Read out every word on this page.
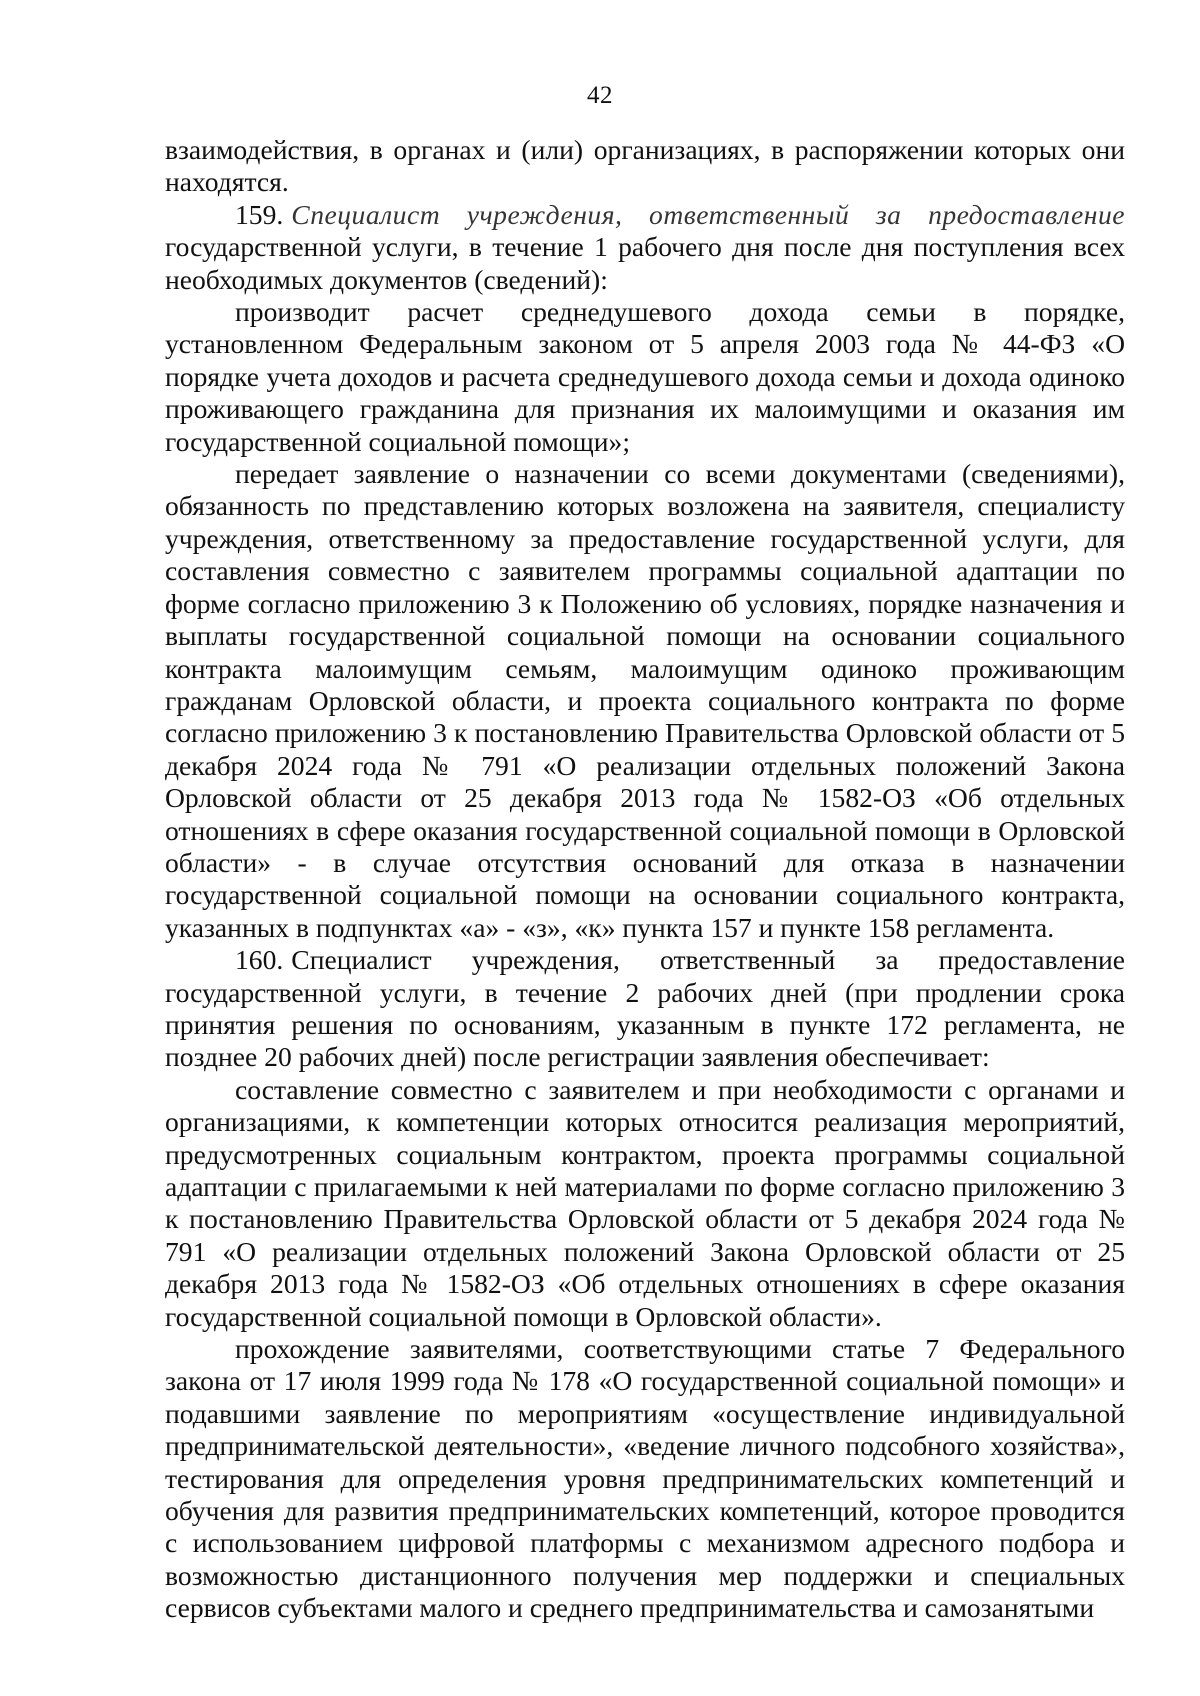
42

взаимодействия, в органах и (или) организациях, в распоряжении которых они находятся.

159. Специалист учреждения, ответственный за предоставление государственной услуги, в течение 1 рабочего дня после дня поступления всех необходимых документов (сведений):

производит расчет среднедушевого дохода семьи в порядке, установленном Федеральным законом от 5 апреля 2003 года № 44-ФЗ «О порядке учета доходов и расчета среднедушевого дохода семьи и дохода одиноко проживающего гражданина для признания их малоимущими и оказания им государственной социальной помощи»;

передает заявление о назначении со всеми документами (сведениями), обязанность по представлению которых возложена на заявителя, специалисту учреждения, ответственному за предоставление государственной услуги, для составления совместно с заявителем программы социальной адаптации по форме согласно приложению 3 к Положению об условиях, порядке назначения и выплаты государственной социальной помощи на основании социального контракта малоимущим семьям, малоимущим одиноко проживающим гражданам Орловской области, и проекта социального контракта по форме согласно приложению 3 к постановлению Правительства Орловской области от 5 декабря 2024 года № 791 «О реализации отдельных положений Закона Орловской области от 25 декабря 2013 года № 1582-ОЗ «Об отдельных отношениях в сфере оказания государственной социальной помощи в Орловской области» - в случае отсутствия оснований для отказа в назначении государственной социальной помощи на основании социального контракта, указанных в подпунктах «а» - «з», «к» пункта 157 и пункте 158 регламента.

160. Специалист учреждения, ответственный за предоставление государственной услуги, в течение 2 рабочих дней (при продлении срока принятия решения по основаниям, указанным в пункте 172 регламента, не позднее 20 рабочих дней) после регистрации заявления обеспечивает:

составление совместно с заявителем и при необходимости с органами и организациями, к компетенции которых относится реализация мероприятий, предусмотренных социальным контрактом, проекта программы социальной адаптации с прилагаемыми к ней материалами по форме согласно приложению 3 к постановлению Правительства Орловской области от 5 декабря 2024 года № 791 «О реализации отдельных положений Закона Орловской области от 25 декабря 2013 года № 1582-ОЗ «Об отдельных отношениях в сфере оказания государственной социальной помощи в Орловской области».

прохождение заявителями, соответствующими статье 7 Федерального закона от 17 июля 1999 года № 178 «О государственной социальной помощи» и подавшими заявление по мероприятиям «осуществление индивидуальной предпринимательской деятельности», «ведение личного подсобного хозяйства», тестирования для определения уровня предпринимательских компетенций и обучения для развития предпринимательских компетенций, которое проводится с использованием цифровой платформы с механизмом адресного подбора и возможностью дистанционного получения мер поддержки и специальных сервисов субъектами малого и среднего предпринимательства и самозанятыми
